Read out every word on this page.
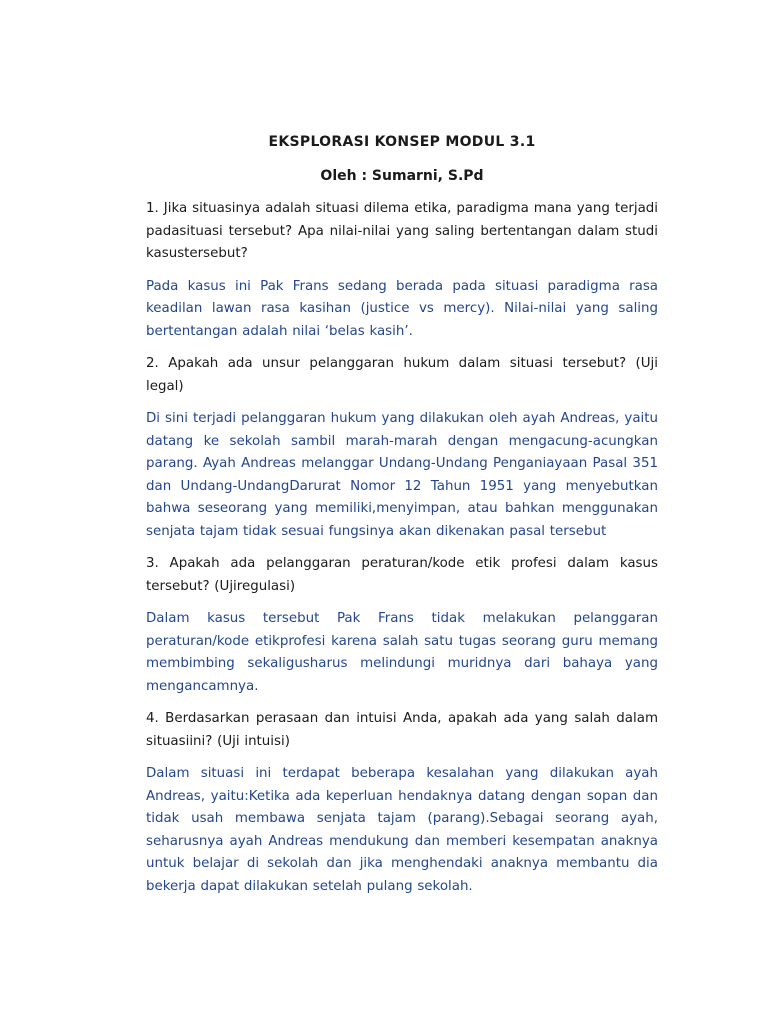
EKSPLORASI KONSEP MODUL 3.1
Oleh : Sumarni, S.Pd
1. Jika situasinya adalah situasi dilema etika, paradigma mana yang terjadi padasituasi tersebut? Apa nilai-nilai yang saling bertentangan dalam studi kasustersebut?
Pada kasus ini Pak Frans sedang berada pada situasi paradigma rasa keadilan lawan rasa kasihan (justice vs mercy). Nilai-nilai yang saling bertentangan adalah nilai ‘belas kasih’.
2. Apakah ada unsur pelanggaran hukum dalam situasi tersebut? (Uji legal)
Di sini terjadi pelanggaran hukum yang dilakukan oleh ayah Andreas, yaitu datang ke sekolah sambil marah-marah dengan mengacung-acungkan parang. Ayah Andreas melanggar Undang-Undang Penganiayaan Pasal 351 dan Undang-UndangDarurat Nomor 12 Tahun 1951 yang menyebutkan bahwa seseorang yang memiliki,menyimpan, atau bahkan menggunakan senjata tajam tidak sesuai fungsinya akan dikenakan pasal tersebut
3. Apakah ada pelanggaran peraturan/kode etik profesi dalam kasus tersebut? (Ujiregulasi)
Dalam kasus tersebut Pak Frans tidak melakukan pelanggaran peraturan/kode etikprofesi karena salah satu tugas seorang guru memang membimbing sekaligusharus melindungi muridnya dari bahaya yang mengancamnya.
4. Berdasarkan perasaan dan intuisi Anda, apakah ada yang salah dalam situasiini? (Uji intuisi)
Dalam situasi ini terdapat beberapa kesalahan yang dilakukan ayah Andreas, yaitu:Ketika ada keperluan hendaknya datang dengan sopan dan tidak usah membawa senjata tajam (parang).Sebagai seorang ayah, seharusnya ayah Andreas mendukung dan memberi kesempatan anaknya untuk belajar di sekolah dan jika menghendaki anaknya membantu dia bekerja dapat dilakukan setelah pulang sekolah.
